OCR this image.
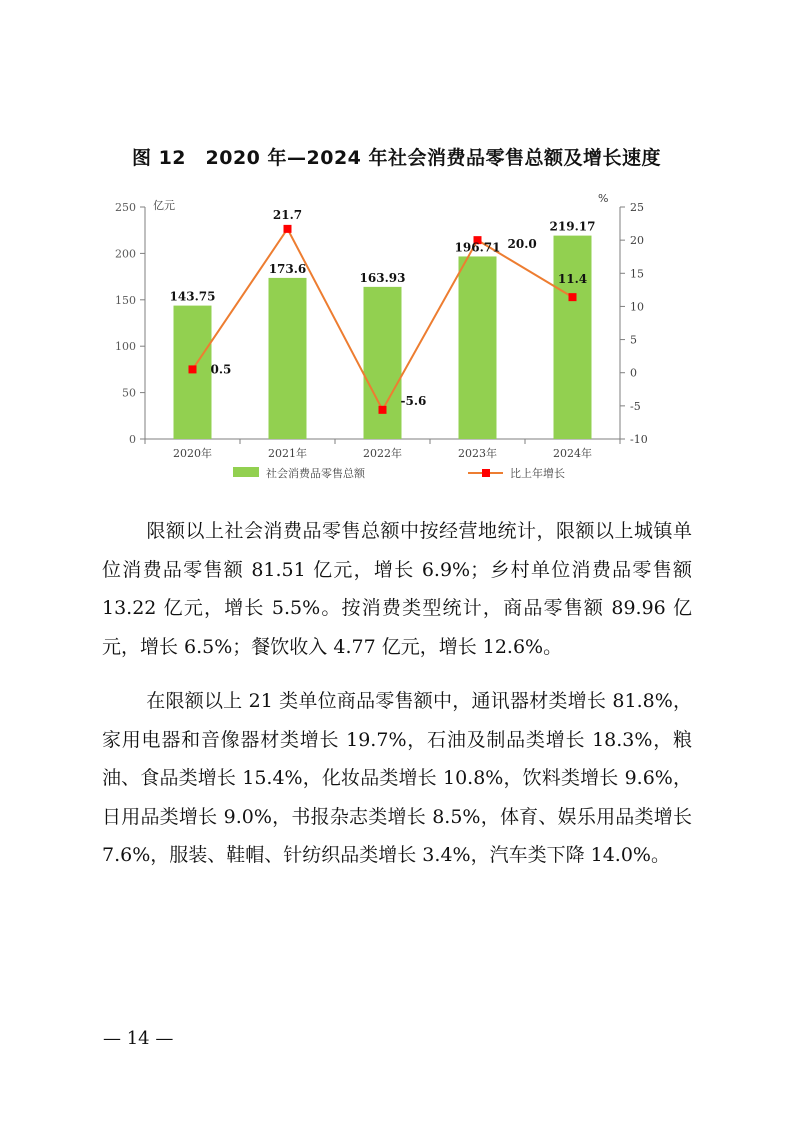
图 12　2020 年—2024 年社会消费品零售总额及增长速度
0
50
100
150
200
250 亿元
-10
-5
0
5
10
15
20
25
%
2020年	2021年	2022年	2023年	2024年
143.75
173.6
163.93
196.71
219.17
0.5
21.7
-5.6
20.0
11.4
社会消费品零售总额	比上年增长
限额以上社会消费品零售总额中按经营地统计，限额以上城镇单位消费品零售额 81.51 亿元，增长 6.9%；乡村单位消费品零售额 13.22 亿元，增长 5.5%。按消费类型统计，商品零售额 89.96 亿元，增长 6.5%；餐饮收入 4.77 亿元，增长 12.6%。
在限额以上 21 类单位商品零售额中，通讯器材类增长 81.8%，家用电器和音像器材类增长 19.7%，石油及制品类增长 18.3%，粮油、食品类增长 15.4%，化妆品类增长 10.8%，饮料类增长 9.6%，日用品类增长 9.0%，书报杂志类增长 8.5%，体育、娱乐用品类增长 7.6%，服装、鞋帽、针纺织品类增长 3.4%，汽车类下降 14.0%。
— 14 —
